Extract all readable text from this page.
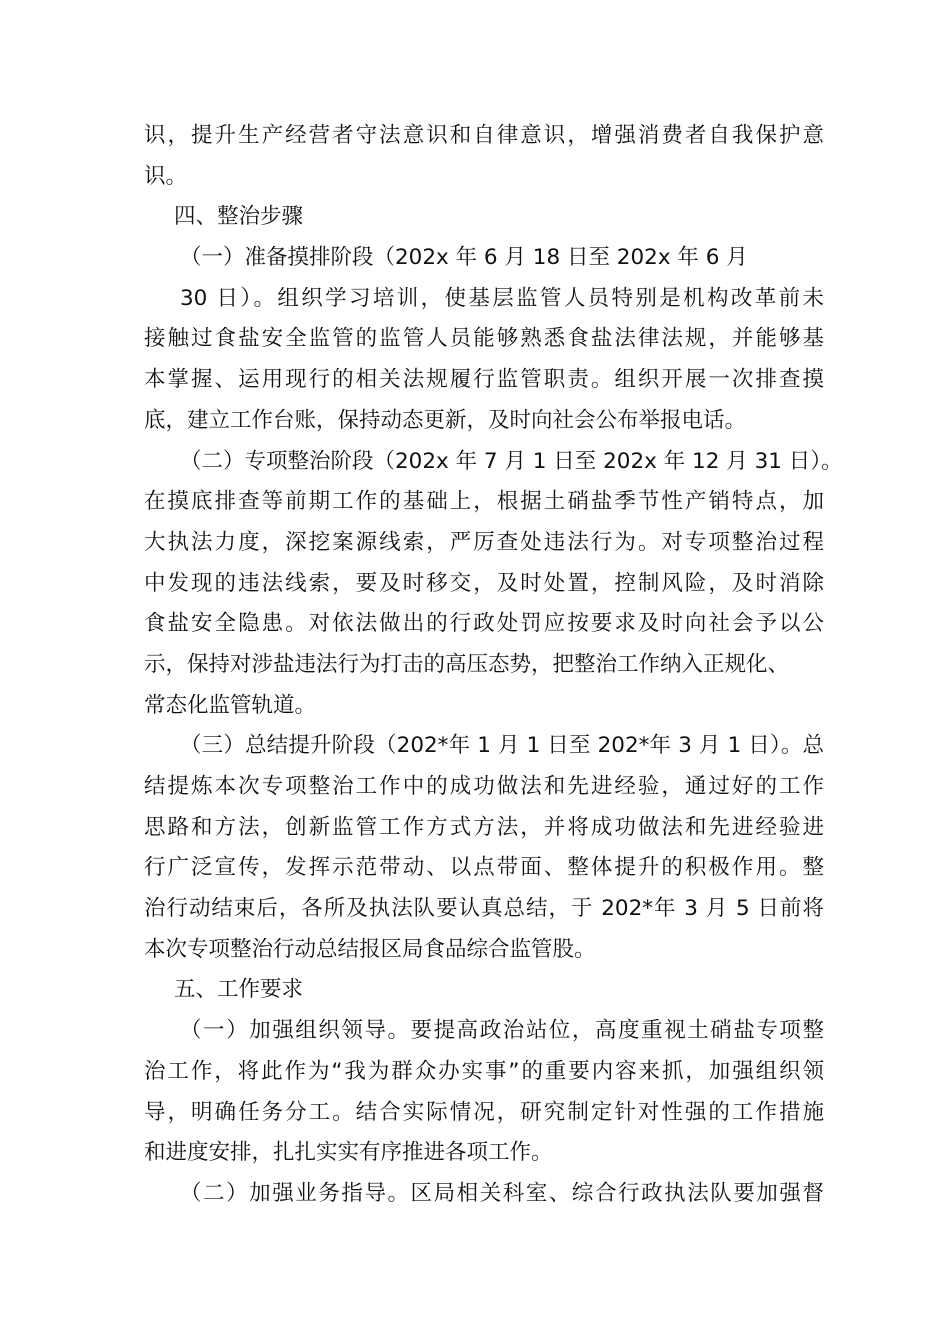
识，提升生产经营者守法意识和自律意识，增强消费者自我保护意
识。
四、整治步骤
（一）准备摸排阶段（202x 年 6 月 18 日至 202x 年 6 月
30 日）。组织学习培训，使基层监管人员特别是机构改革前未
接触过食盐安全监管的监管人员能够熟悉食盐法律法规，并能够基
本掌握、运用现行的相关法规履行监管职责。组织开展一次排查摸
底，建立工作台账，保持动态更新，及时向社会公布举报电话。
（二）专项整治阶段（202x 年 7 月 1 日至 202x 年 12 月 31 日）。
在摸底排查等前期工作的基础上，根据土硝盐季节性产销特点，加
大执法力度，深挖案源线索，严厉查处违法行为。对专项整治过程
中发现的违法线索，要及时移交，及时处置，控制风险，及时消除
食盐安全隐患。对依法做出的行政处罚应按要求及时向社会予以公
示，保持对涉盐违法行为打击的高压态势，把整治工作纳入正规化、
常态化监管轨道。
（三）总结提升阶段（202*年 1 月 1 日至 202*年 3 月 1 日）。总
结提炼本次专项整治工作中的成功做法和先进经验，通过好的工作
思路和方法，创新监管工作方式方法，并将成功做法和先进经验进
行广泛宣传，发挥示范带动、以点带面、整体提升的积极作用。整
治行动结束后，各所及执法队要认真总结，于 202*年 3 月 5 日前将
本次专项整治行动总结报区局食品综合监管股。
五、工作要求
（一）加强组织领导。要提高政治站位，高度重视土硝盐专项整
治工作，将此作为“我为群众办实事”的重要内容来抓，加强组织领
导，明确任务分工。结合实际情况，研究制定针对性强的工作措施
和进度安排，扎扎实实有序推进各项工作。
（二）加强业务指导。区局相关科室、综合行政执法队要加强督
